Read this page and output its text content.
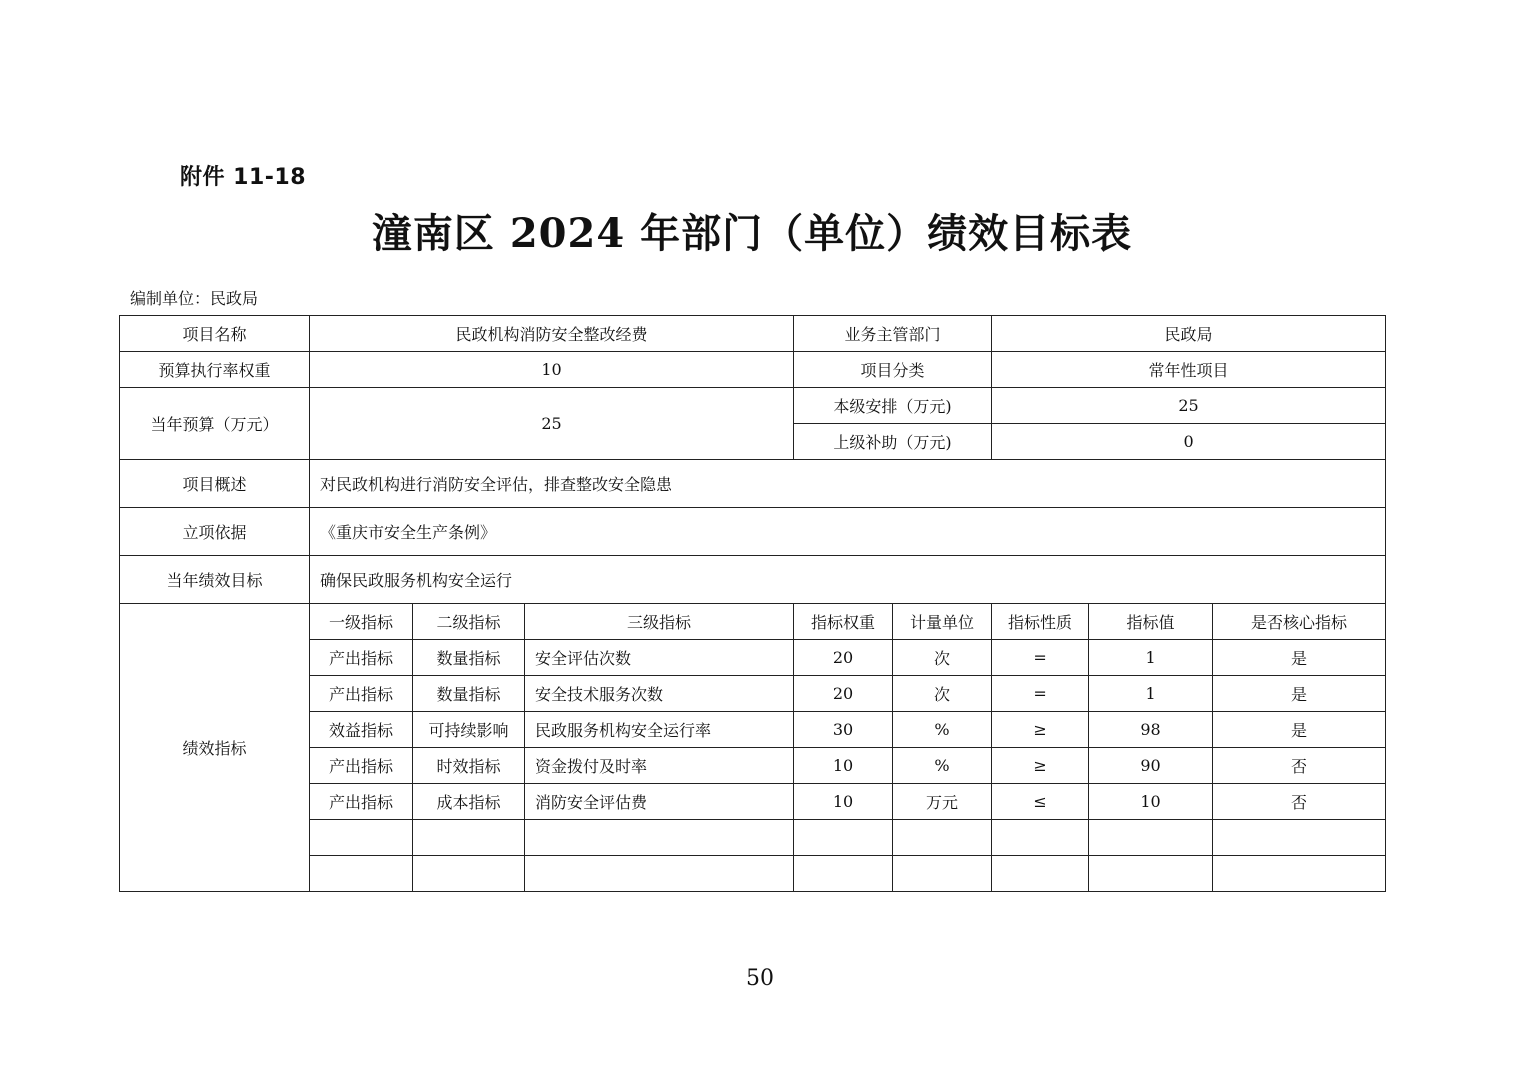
附件 11-18
潼南区 2024 年部门（单位）绩效目标表
编制单位：民政局
项目名称	民政机构消防安全整改经费			业务主管部门		民政局		
预算执行率权重	10			项目分类		常年性项目		
当年预算（万元）	25			本级安排（万元)		25		
				上级补助（万元)		0		
项目概述	对民政机构进行消防安全评估，排查整改安全隐患							
立项依据	《重庆市安全生产条例》							
当年绩效目标	确保民政服务机构安全运行							
绩效指标	一级指标	二级指标	三级指标	指标权重	计量单位	指标性质	指标值	是否核心指标
	产出指标	数量指标	安全评估次数	20	次	=	1	是
	产出指标	数量指标	安全技术服务次数	20	次	=	1	是
	效益指标	可持续影响	民政服务机构安全运行率	30	%	≥	98	是
	产出指标	时效指标	资金拨付及时率	10	%	≥	90	否
	产出指标	成本指标	消防安全评估费	10	万元	≤	10	否

50
